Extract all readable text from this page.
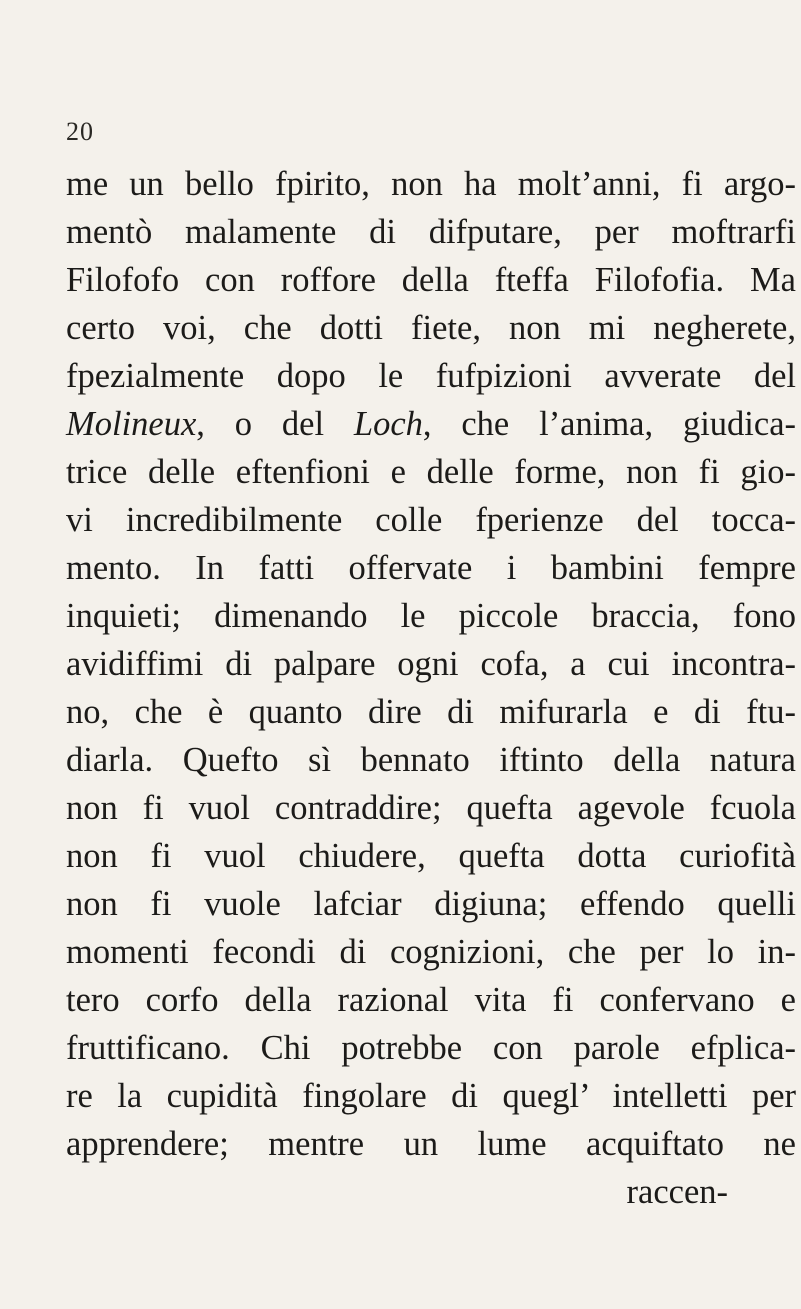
20
me un bello fpirito, non ha molt’anni, fi argo-
mentò malamente di difputare, per moftrarfi
Filofofo con roffore della fteffa Filofofia. Ma
certo voi, che dotti fiete, non mi negherete,
fpezialmente dopo le fufpizioni avverate del
Molineux, o del Loch, che l’anima, giudica-
trice delle eftenfioni e delle forme, non fi gio-
vi incredibilmente colle fperienze del tocca-
mento. In fatti offervate i bambini fempre
inquieti; dimenando le piccole braccia, fono
avidiffimi di palpare ogni cofa, a cui incontra-
no, che è quanto dire di mifurarla e di ftu-
diarla. Quefto sì bennato iftinto della natura
non fi vuol contraddire; quefta agevole fcuola
non fi vuol chiudere, quefta dotta curiofità
non fi vuole lafciar digiuna; effendo quelli
momenti fecondi di cognizioni, che per lo in-
tero corfo della razional vita fi confervano e
fruttificano. Chi potrebbe con parole efplica-
re la cupidità fingolare di quegl’ intelletti per
apprendere; mentre un lume acquiftato ne
raccen-
